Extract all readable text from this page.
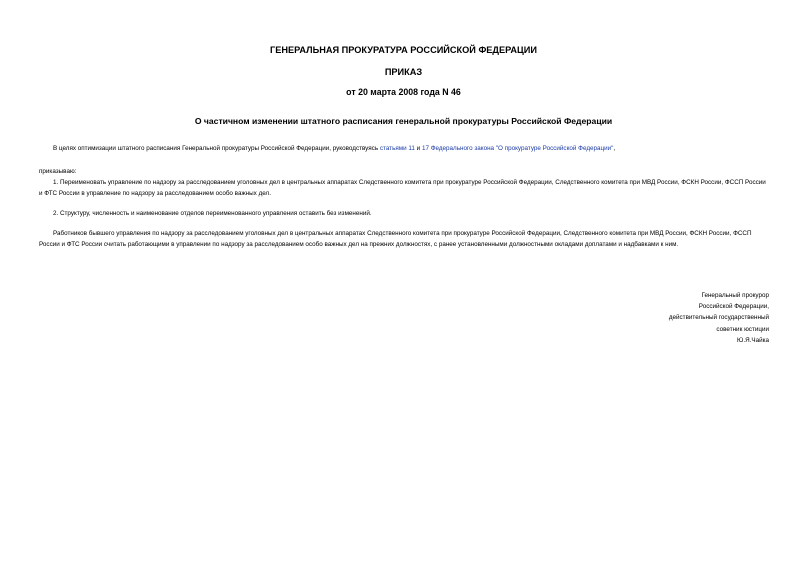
ГЕНЕРАЛЬНАЯ ПРОКУРАТУРА РОССИЙСКОЙ ФЕДЕРАЦИИ
ПРИКАЗ
от 20 марта 2008 года N 46
О частичном изменении штатного расписания генеральной прокуратуры Российской Федерации
В целях оптимизации штатного расписания Генеральной прокуратуры Российской Федерации, руководствуясь статьями 11 и 17 Федерального закона "О прокуратуре Российской Федерации",
приказываю:
1. Переименовать управление по надзору за расследованием уголовных дел в центральных аппаратах Следственного комитета при прокуратуре Российской Федерации, Следственного комитета при МВД России, ФСКН России, ФССП России и ФТС России в управление по надзору за расследованием особо важных дел.
2. Структуру, численность и наименование отделов переименованного управления оставить без изменений.
Работников бывшего управления по надзору за расследованием уголовных дел в центральных аппаратах Следственного комитета при прокуратуре Российской Федерации, Следственного комитета при МВД России, ФСКН России, ФССП России и ФТС России считать работающими в управлении по надзору за расследованием особо важных дел на прежних должностях, с ранее установленными должностными окладами доплатами и надбавками к ним.
Генеральный прокурор
Российской Федерации,
действительный государственный
советник юстиции
Ю.Я.Чайка
